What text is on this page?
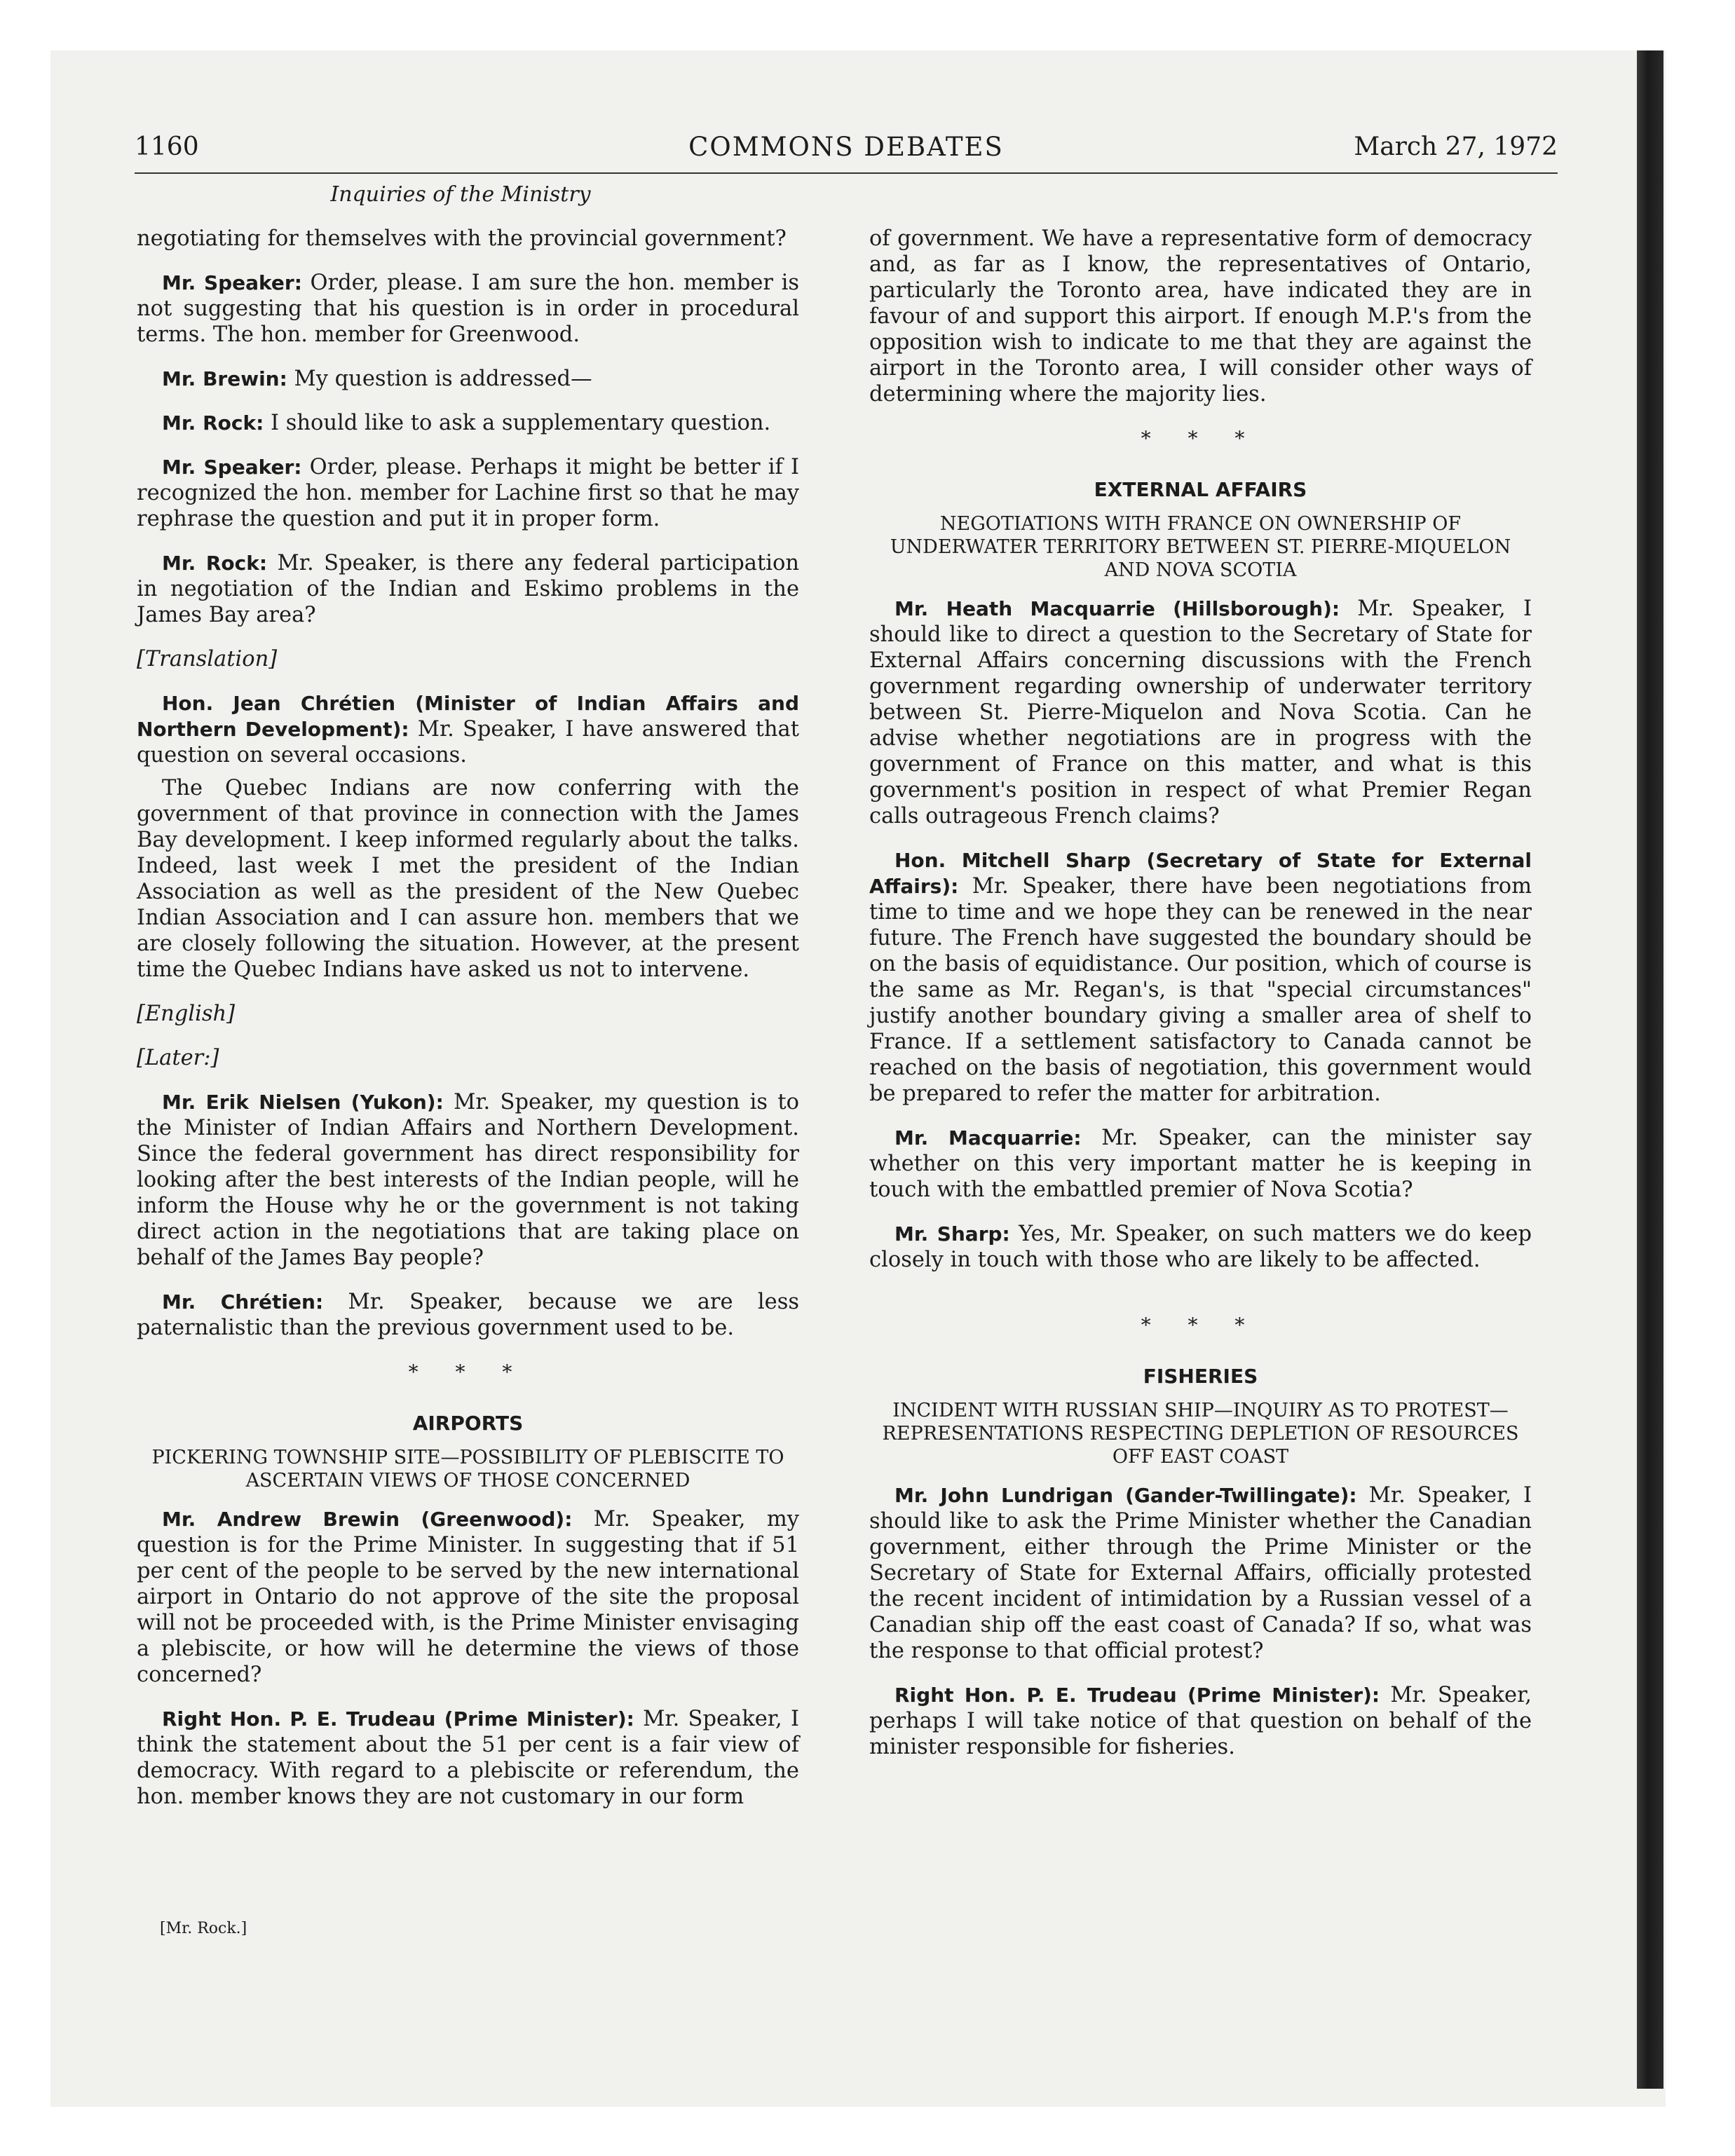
1160	COMMONS DEBATES	March 27, 1972
Inquiries of the Ministry

negotiating for themselves with the provincial government?

Mr. Speaker: Order, please. I am sure the hon. member is not suggesting that his question is in order in procedural terms. The hon. member for Greenwood.

Mr. Brewin: My question is addressed—

Mr. Rock: I should like to ask a supplementary question.

Mr. Speaker: Order, please. Perhaps it might be better if I recognized the hon. member for Lachine first so that he may rephrase the question and put it in proper form.

Mr. Rock: Mr. Speaker, is there any federal participation in negotiation of the Indian and Eskimo problems in the James Bay area?

[Translation]

Hon. Jean Chrétien (Minister of Indian Affairs and Northern Development): Mr. Speaker, I have answered that question on several occasions.

The Quebec Indians are now conferring with the government of that province in connection with the James Bay development. I keep informed regularly about the talks. Indeed, last week I met the president of the Indian Association as well as the president of the New Quebec Indian Association and I can assure hon. members that we are closely following the situation. However, at the present time the Quebec Indians have asked us not to intervene.

[English]

[Later:]

Mr. Erik Nielsen (Yukon): Mr. Speaker, my question is to the Minister of Indian Affairs and Northern Development. Since the federal government has direct responsibility for looking after the best interests of the Indian people, will he inform the House why he or the government is not taking direct action in the negotiations that are taking place on behalf of the James Bay people?

Mr. Chrétien: Mr. Speaker, because we are less paternalistic than the previous government used to be.

* * *
AIRPORTS
PICKERING TOWNSHIP SITE—POSSIBILITY OF PLEBISCITE TO ASCERTAIN VIEWS OF THOSE CONCERNED

Mr. Andrew Brewin (Greenwood): Mr. Speaker, my question is for the Prime Minister. In suggesting that if 51 per cent of the people to be served by the new international airport in Ontario do not approve of the site the proposal will not be proceeded with, is the Prime Minister envisaging a plebiscite, or how will he determine the views of those concerned?

Right Hon. P. E. Trudeau (Prime Minister): Mr. Speaker, I think the statement about the 51 per cent is a fair view of democracy. With regard to a plebiscite or referendum, the hon. member knows they are not customary in our form

[Mr. Rock.]

of government. We have a representative form of democracy and, as far as I know, the representatives of Ontario, particularly the Toronto area, have indicated they are in favour of and support this airport. If enough M.P.'s from the opposition wish to indicate to me that they are against the airport in the Toronto area, I will consider other ways of determining where the majority lies.

* * *
EXTERNAL AFFAIRS
NEGOTIATIONS WITH FRANCE ON OWNERSHIP OF UNDERWATER TERRITORY BETWEEN ST. PIERRE-MIQUELON AND NOVA SCOTIA

Mr. Heath Macquarrie (Hillsborough): Mr. Speaker, I should like to direct a question to the Secretary of State for External Affairs concerning discussions with the French government regarding ownership of underwater territory between St. Pierre-Miquelon and Nova Scotia. Can he advise whether negotiations are in progress with the government of France on this matter, and what is this government's position in respect of what Premier Regan calls outrageous French claims?

Hon. Mitchell Sharp (Secretary of State for External Affairs): Mr. Speaker, there have been negotiations from time to time and we hope they can be renewed in the near future. The French have suggested the boundary should be on the basis of equidistance. Our position, which of course is the same as Mr. Regan's, is that "special circumstances" justify another boundary giving a smaller area of shelf to France. If a settlement satisfactory to Canada cannot be reached on the basis of negotiation, this government would be prepared to refer the matter for arbitration.

Mr. Macquarrie: Mr. Speaker, can the minister say whether on this very important matter he is keeping in touch with the embattled premier of Nova Scotia?

Mr. Sharp: Yes, Mr. Speaker, on such matters we do keep closely in touch with those who are likely to be affected.

* * *
FISHERIES
INCIDENT WITH RUSSIAN SHIP—INQUIRY AS TO PROTEST—REPRESENTATIONS RESPECTING DEPLETION OF RESOURCES OFF EAST COAST

Mr. John Lundrigan (Gander-Twillingate): Mr. Speaker, I should like to ask the Prime Minister whether the Canadian government, either through the Prime Minister or the Secretary of State for External Affairs, officially protested the recent incident of intimidation by a Russian vessel of a Canadian ship off the east coast of Canada? If so, what was the response to that official protest?

Right Hon. P. E. Trudeau (Prime Minister): Mr. Speaker, perhaps I will take notice of that question on behalf of the minister responsible for fisheries.
